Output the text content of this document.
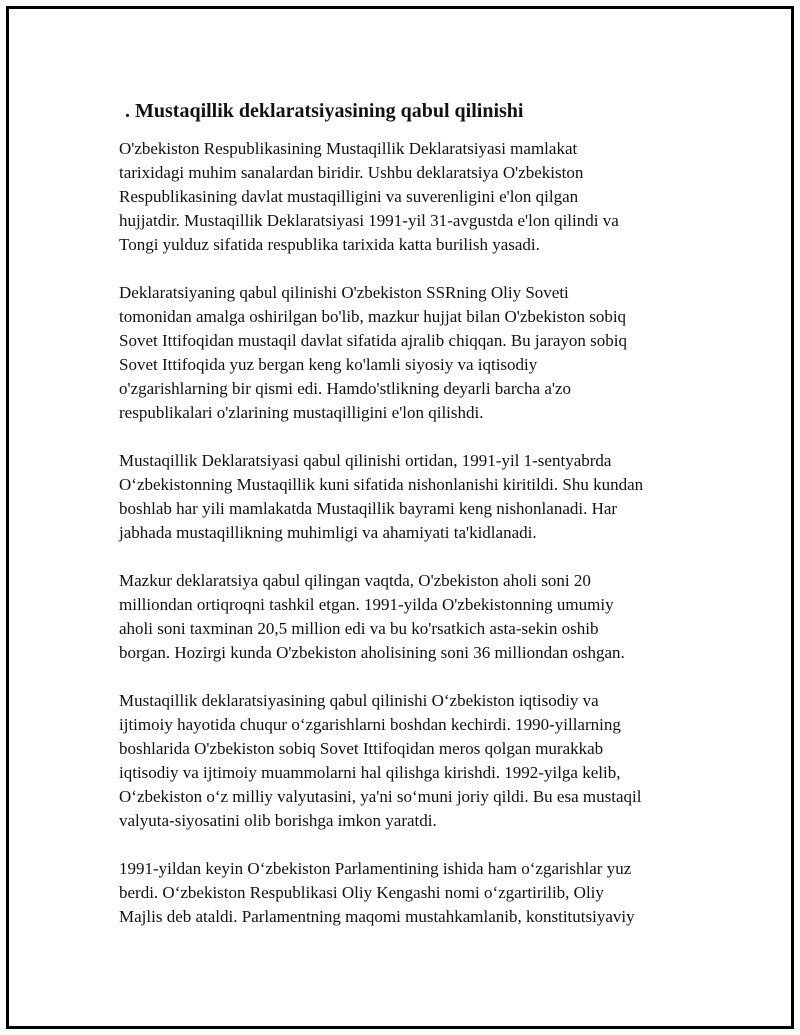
. Mustaqillik deklaratsiyasining qabul qilinishi

O'zbekiston Respublikasining Mustaqillik Deklaratsiyasi mamlakat
tarixidagi muhim sanalardan biridir. Ushbu deklaratsiya O'zbekiston
Respublikasining davlat mustaqilligini va suverenligini e'lon qilgan
hujjatdir. Mustaqillik Deklaratsiyasi 1991-yil 31-avgustda e'lon qilindi va
Tongi yulduz sifatida respublika tarixida katta burilish yasadi.

Deklaratsiyaning qabul qilinishi O'zbekiston SSRning Oliy Soveti
tomonidan amalga oshirilgan bo'lib, mazkur hujjat bilan O'zbekiston sobiq
Sovet Ittifoqidan mustaqil davlat sifatida ajralib chiqqan. Bu jarayon sobiq
Sovet Ittifoqida yuz bergan keng ko'lamli siyosiy va iqtisodiy
o'zgarishlarning bir qismi edi. Hamdo'stlikning deyarli barcha a'zo
respublikalari o'zlarining mustaqilligini e'lon qilishdi.

Mustaqillik Deklaratsiyasi qabul qilinishi ortidan, 1991-yil 1-sentyabrda
O‘zbekistonning Mustaqillik kuni sifatida nishonlanishi kiritildi. Shu kundan
boshlab har yili mamlakatda Mustaqillik bayrami keng nishonlanadi. Har
jabhada mustaqillikning muhimligi va ahamiyati ta'kidlanadi.

Mazkur deklaratsiya qabul qilingan vaqtda, O'zbekiston aholi soni 20
milliondan ortiqroqni tashkil etgan. 1991-yilda O'zbekistonning umumiy
aholi soni taxminan 20,5 million edi va bu ko'rsatkich asta-sekin oshib
borgan. Hozirgi kunda O'zbekiston aholisining soni 36 milliondan oshgan.

Mustaqillik deklaratsiyasining qabul qilinishi O‘zbekiston iqtisodiy va
ijtimoiy hayotida chuqur o‘zgarishlarni boshdan kechirdi. 1990-yillarning
boshlarida O'zbekiston sobiq Sovet Ittifoqidan meros qolgan murakkab
iqtisodiy va ijtimoiy muammolarni hal qilishga kirishdi. 1992-yilga kelib,
O‘zbekiston o‘z milliy valyutasini, ya'ni so‘muni joriy qildi. Bu esa mustaqil
valyuta-siyosatini olib borishga imkon yaratdi.

1991-yildan keyin O‘zbekiston Parlamentining ishida ham o‘zgarishlar yuz
berdi. O‘zbekiston Respublikasi Oliy Kengashi nomi o‘zgartirilib, Oliy
Majlis deb ataldi. Parlamentning maqomi mustahkamlanib, konstitutsiyaviy
